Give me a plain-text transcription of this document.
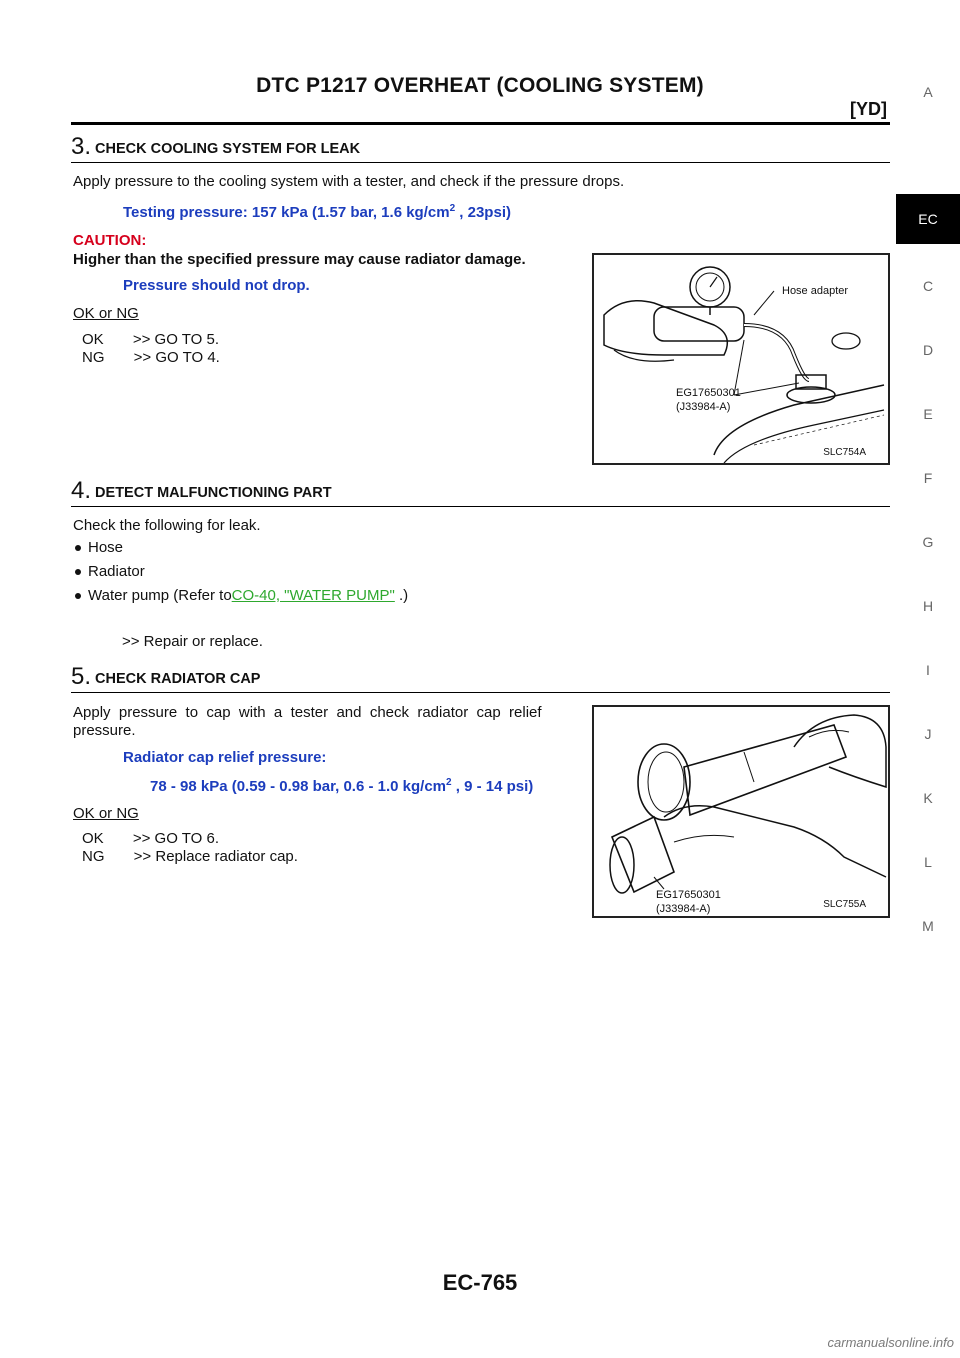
DTC P1217 OVERHEAT (COOLING SYSTEM)
[YD]
A
EC
C
D
E
F
G
H
I
J
K
L
M
3. CHECK COOLING SYSTEM FOR LEAK
Apply pressure to the cooling system with a tester, and check if the pressure drops.
Testing pressure: 157 kPa (1.57 bar, 1.6 $kg/cm^2$ , 23psi)
CAUTION:
Higher than the specified pressure may cause radiator damage.
Pressure should not drop.
OK or NG
OK       >> GO TO 5.
NG       >> GO TO 4.
Hose adapter
EG17650301
(J33984-A)
SLC754A
4. DETECT MALFUNCTIONING PART
Check the following for leak.
Hose
Radiator
Water pump (Refer toCO-40, "WATER PUMP" .)
>> Repair or replace.
5. CHECK RADIATOR CAP
Apply  pressure  to  cap  with  a  tester  and  check  radiator  cap  relief
pressure.
Radiator cap relief pressure:
78 - 98 kPa (0.59 - 0.98 bar, 0.6 - 1.0 $kg/cm^2$ , 9 - 14 psi)
OK or NG
OK       >> GO TO 6.
NG       >> Replace radiator cap.
EG17650301
(J33984-A)	SLC755A
EC-765
carmanualsonline.info
